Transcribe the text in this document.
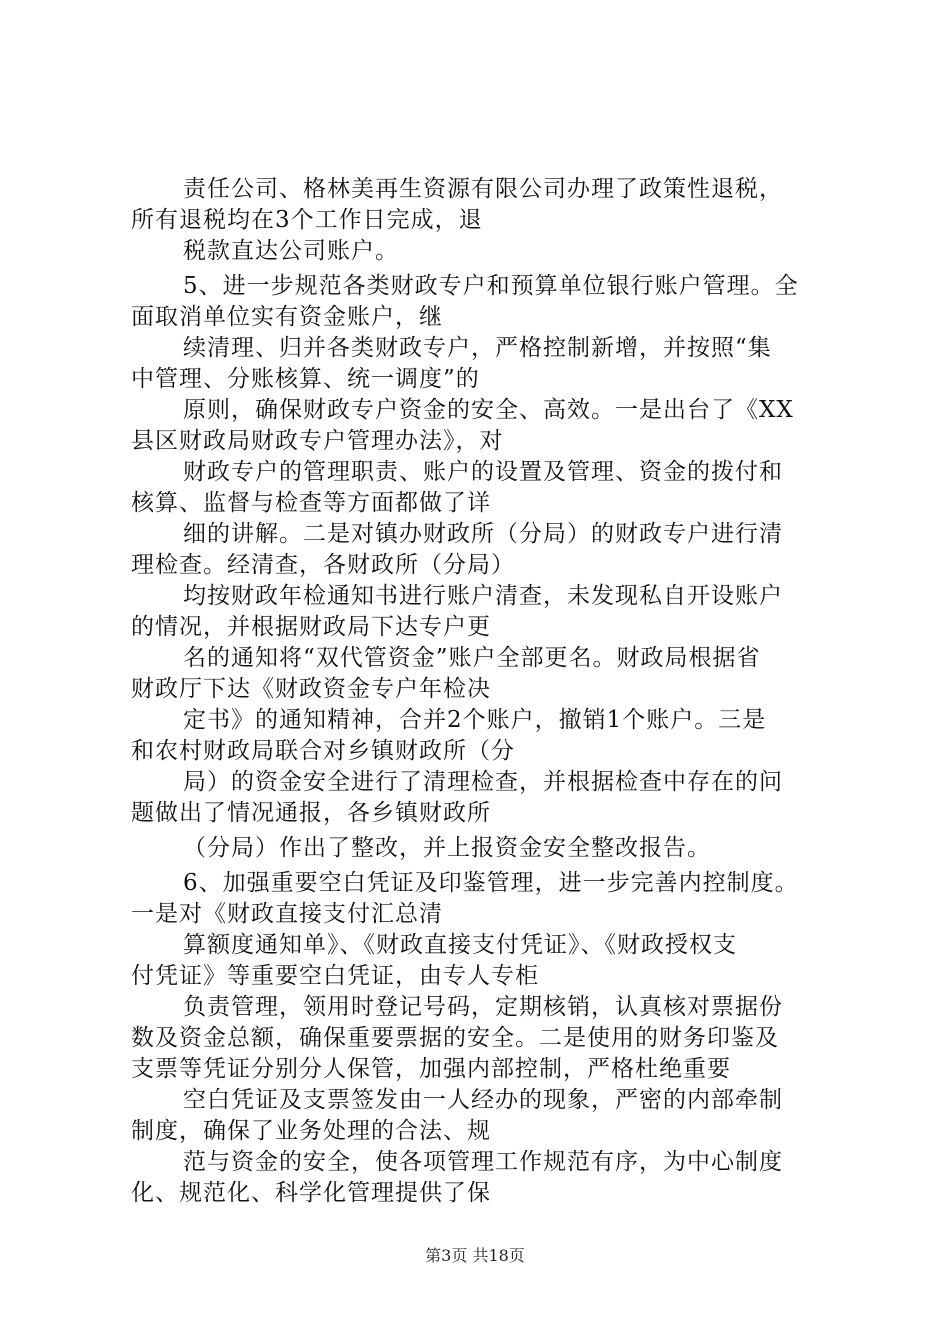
责任公司、格林美再生资源有限公司办理了政策性退税，
所有退税均在3个工作日完成，退
税款直达公司账户。
5、进一步规范各类财政专户和预算单位银行账户管理。全
面取消单位实有资金账户，继
续清理、归并各类财政专户，严格控制新增，并按照“集
中管理、分账核算、统一调度”的
原则，确保财政专户资金的安全、高效。一是出台了《XX
县区财政局财政专户管理办法》，对
财政专户的管理职责、账户的设置及管理、资金的拨付和
核算、监督与检查等方面都做了详
细的讲解。二是对镇办财政所（分局）的财政专户进行清
理检查。经清查，各财政所（分局）
均按财政年检通知书进行账户清查，未发现私自开设账户
的情况，并根据财政局下达专户更
名的通知将“双代管资金”账户全部更名。财政局根据省
财政厅下达《财政资金专户年检决
定书》的通知精神，合并2个账户，撤销1个账户。三是
和农村财政局联合对乡镇财政所（分
局）的资金安全进行了清理检查，并根据检查中存在的问
题做出了情况通报，各乡镇财政所
（分局）作出了整改，并上报资金安全整改报告。
6、加强重要空白凭证及印鉴管理，进一步完善内控制度。
一是对《财政直接支付汇总清
算额度通知单》、《财政直接支付凭证》、《财政授权支
付凭证》等重要空白凭证，由专人专柜
负责管理，领用时登记号码，定期核销，认真核对票据份
数及资金总额，确保重要票据的安全。二是使用的财务印鉴及
支票等凭证分别分人保管，加强内部控制，严格杜绝重要
空白凭证及支票签发由一人经办的现象，严密的内部牵制
制度，确保了业务处理的合法、规
范与资金的安全，使各项管理工作规范有序，为中心制度
化、规范化、科学化管理提供了保
第3页 共18页
